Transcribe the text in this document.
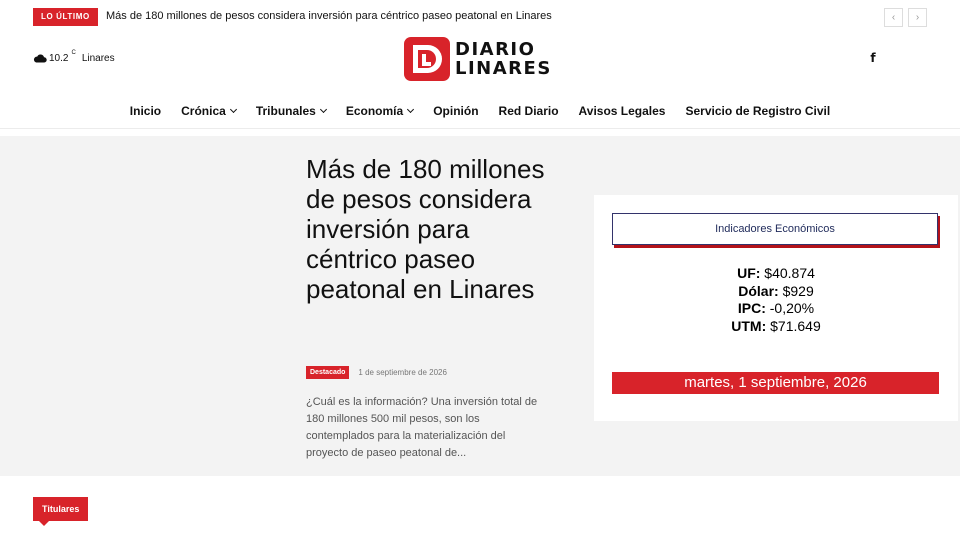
LO ÚLTIMO	Más de 180 millones de pesos considera inversión para céntrico paseo peatonal en Linares	‹	›
10.2 C Linares	DIARIO
LINARES	f
Inicio Crónica	Tribunales	Economía	Opinión Red Diario Avisos Legales Servicio de Registro Civil
Más de 180 millones de pesos considera inversión para céntrico paseo peatonal en Linares
Destacado	1 de septiembre de 2026

¿Cuál es la información? Una inversión total de 180 millones 500 mil pesos, son los contemplados para la materialización del proyecto de paseo peatonal de...

Indicadores Económicos
UF: $40.874
Dólar: $929
IPC: -0,20%
UTM: $71.649
martes, 1 septiembre, 2026
Titulares
